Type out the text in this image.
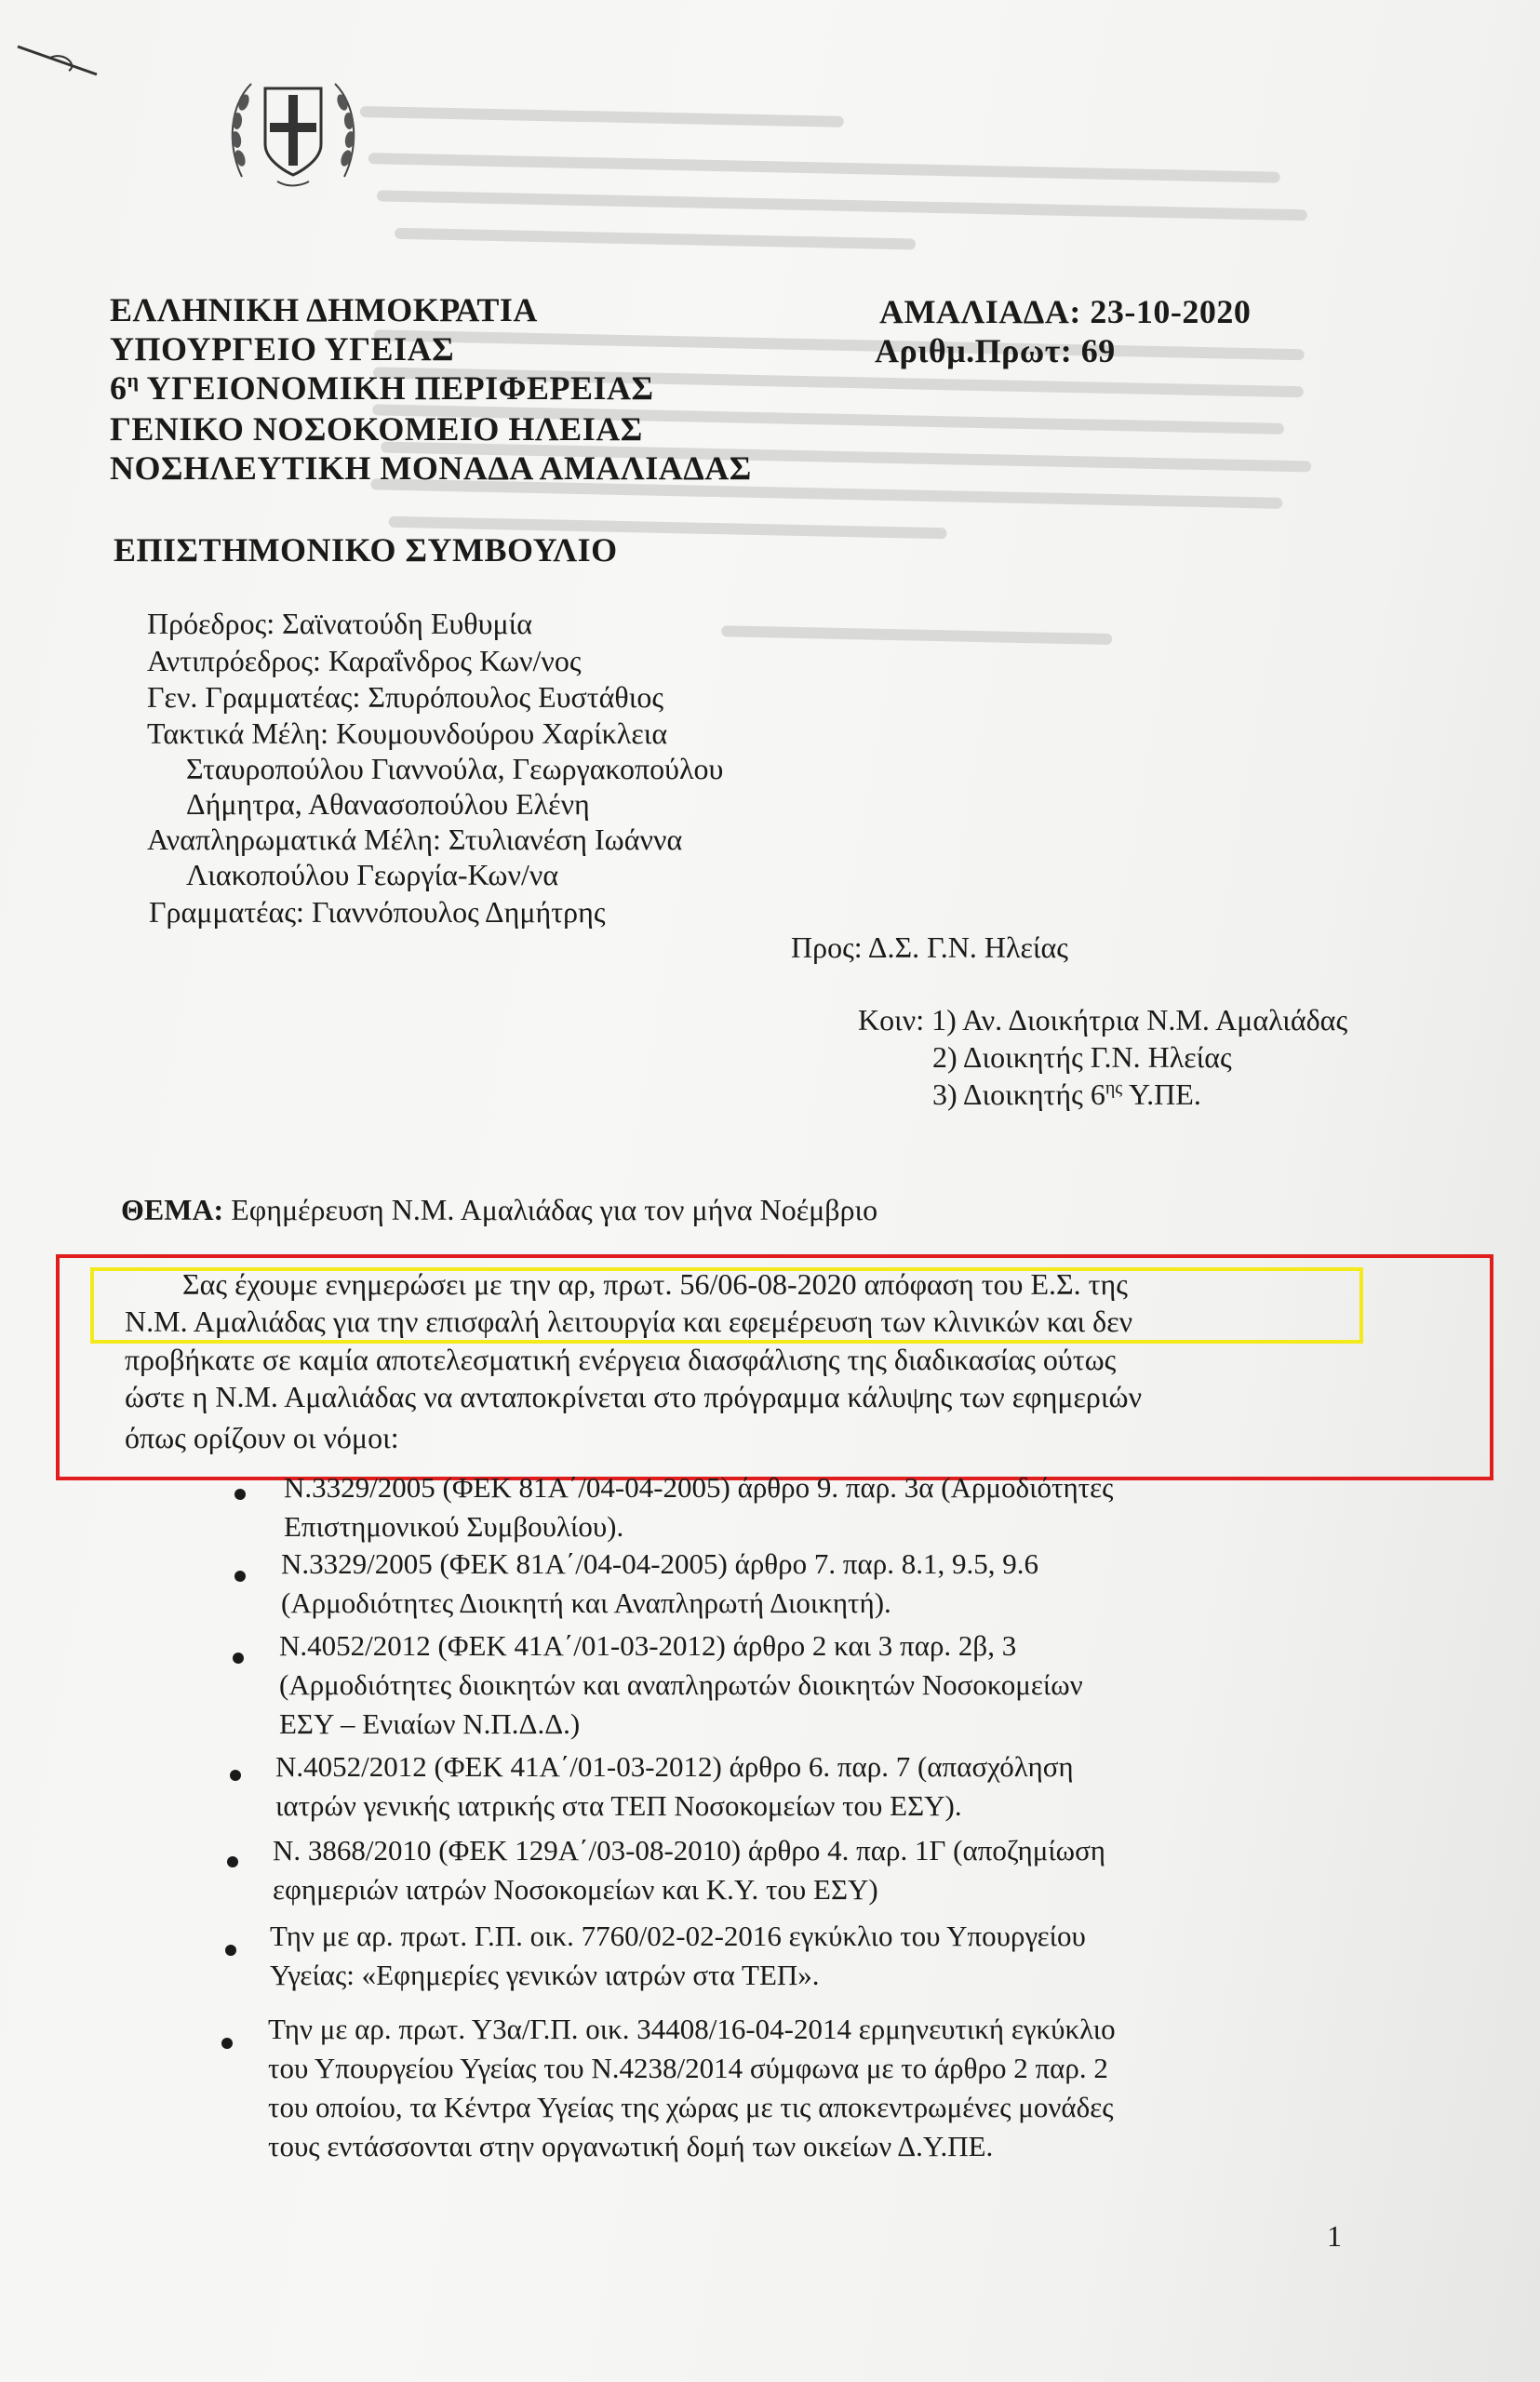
ΕΛΛΗΝΙΚΗ ΔΗΜΟΚΡΑΤΙΑ
ΥΠΟΥΡΓΕΙΟ ΥΓΕΙΑΣ
$6^\eta$ ΥΓΕΙΟΝΟΜΙΚΗ ΠΕΡΙΦΕΡΕΙΑΣ
ΓΕΝΙΚΟ ΝΟΣΟΚΟΜΕΙΟ ΗΛΕΙΑΣ
ΝΟΣΗΛΕΥΤΙΚΗ ΜΟΝΑΔΑ ΑΜΑΛΙΑΔΑΣ
ΑΜΑΛΙΑΔΑ: 23-10-2020
Αριθμ.Πρωτ: 69
ΕΠΙΣΤΗΜΟΝΙΚΟ ΣΥΜΒΟΥΛΙΟ
Πρόεδρος: Σαϊνατούδη Ευθυμία
Αντιπρόεδρος: Καραΐνδρος Κων/νος
Γεν. Γραμματέας: Σπυρόπουλος Ευστάθιος
Τακτικά Μέλη: Κουμουνδούρου Χαρίκλεια
Σταυροπούλου Γιαννούλα, Γεωργακοπούλου
Δήμητρα, Αθανασοπούλου Ελένη
Αναπληρωματικά Μέλη: Στυλιανέση Ιωάννα
Λιακοπούλου Γεωργία-Κων/να
Γραμματέας: Γιαννόπουλος Δημήτρης
Προς: Δ.Σ. Γ.Ν. Ηλείας
Κοιν: 1) Αν. Διοικήτρια Ν.Μ. Αμαλιάδας
2) Διοικητής Γ.Ν. Ηλείας
3) Διοικητής $6^{\eta\varsigma}$ Υ.ΠΕ.
ΘΕΜΑ: Εφημέρευση Ν.Μ. Αμαλιάδας για τον μήνα Νοέμβριο
Σας έχουμε ενημερώσει με την αρ, πρωτ. 56/06-08-2020 απόφαση του Ε.Σ. της
Ν.Μ. Αμαλιάδας για την επισφαλή λειτουργία και εφεμέρευση των κλινικών και δεν
προβήκατε σε καμία αποτελεσματική ενέργεια διασφάλισης της διαδικασίας ούτως
ώστε η Ν.Μ. Αμαλιάδας να ανταποκρίνεται στο πρόγραμμα κάλυψης των εφημεριών
όπως ορίζουν οι νόμοι:
Ν.3329/2005 (ΦΕΚ 81Α΄/04-04-2005) άρθρο 9. παρ. 3α (Αρμοδιότητες
Επιστημονικού Συμβουλίου).
Ν.3329/2005 (ΦΕΚ 81Α΄/04-04-2005) άρθρο 7. παρ. 8.1, 9.5, 9.6
(Αρμοδιότητες Διοικητή και Αναπληρωτή Διοικητή).
Ν.4052/2012 (ΦΕΚ 41Α΄/01-03-2012) άρθρο 2 και 3 παρ. 2β, 3
(Αρμοδιότητες διοικητών και αναπληρωτών διοικητών Νοσοκομείων
ΕΣΥ – Ενιαίων Ν.Π.Δ.Δ.)
Ν.4052/2012 (ΦΕΚ 41Α΄/01-03-2012) άρθρο 6. παρ. 7 (απασχόληση
ιατρών γενικής ιατρικής στα ΤΕΠ Νοσοκομείων του ΕΣΥ).
Ν. 3868/2010 (ΦΕΚ 129Α΄/03-08-2010) άρθρο 4. παρ. 1Γ (αποζημίωση
εφημεριών ιατρών Νοσοκομείων και Κ.Υ. του ΕΣΥ)
Την με αρ. πρωτ. Γ.Π. οικ. 7760/02-02-2016 εγκύκλιο του Υπουργείου
Υγείας: «Εφημερίες γενικών ιατρών στα ΤΕΠ».
Την με αρ. πρωτ. Υ3α/Γ.Π. οικ. 34408/16-04-2014 ερμηνευτική εγκύκλιο
του Υπουργείου Υγείας του Ν.4238/2014 σύμφωνα με το άρθρο 2 παρ. 2
του οποίου, τα Κέντρα Υγείας της χώρας με τις αποκεντρωμένες μονάδες
τους εντάσσονται στην οργανωτική δομή των οικείων Δ.Υ.ΠΕ.
1
